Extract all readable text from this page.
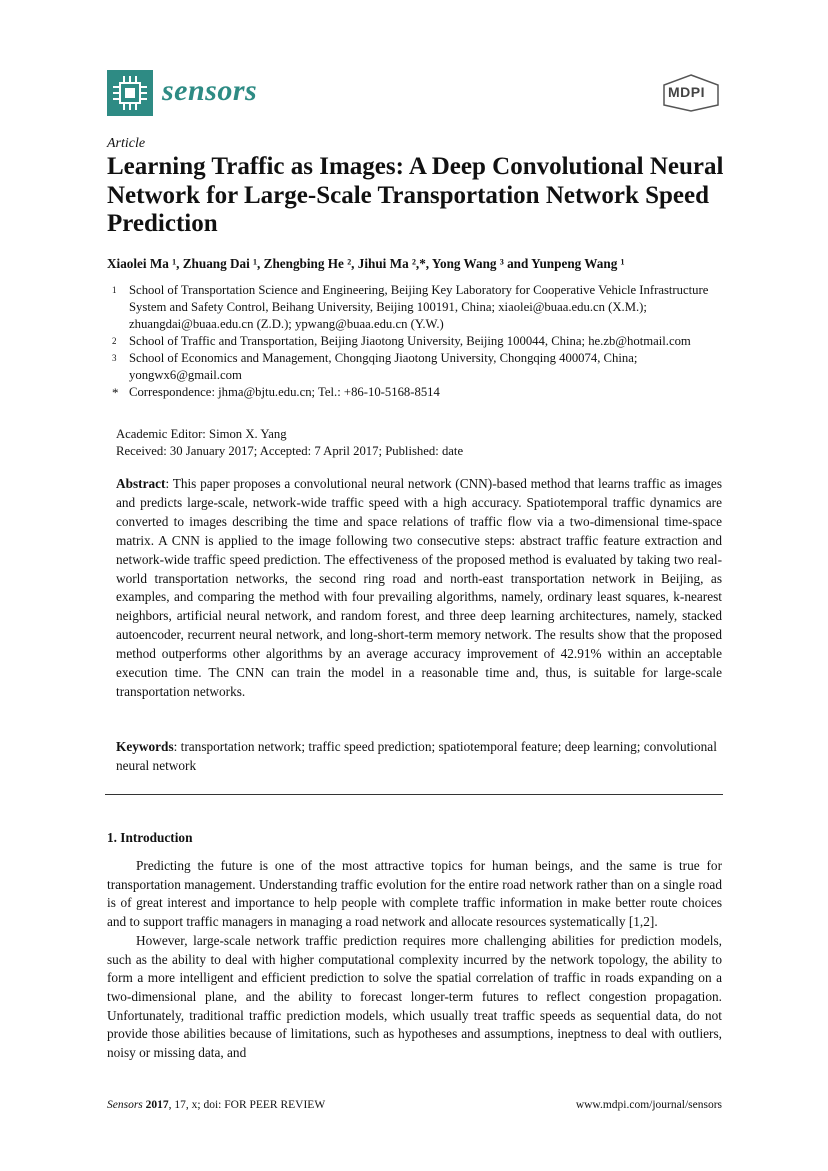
sensors	MDPI
Article
Learning Traffic as Images: A Deep Convolutional Neural Network for Large-Scale Transportation Network Speed Prediction
Xiaolei Ma ¹, Zhuang Dai ¹, Zhengbing He ², Jihui Ma ²,*, Yong Wang ³ and Yunpeng Wang ¹
1 School of Transportation Science and Engineering, Beijing Key Laboratory for Cooperative Vehicle Infrastructure System and Safety Control, Beihang University, Beijing 100191, China; xiaolei@buaa.edu.cn (X.M.); zhuangdai@buaa.edu.cn (Z.D.); ypwang@buaa.edu.cn (Y.W.)
2 School of Traffic and Transportation, Beijing Jiaotong University, Beijing 100044, China; he.zb@hotmail.com
3 School of Economics and Management, Chongqing Jiaotong University, Chongqing 400074, China; yongwx6@gmail.com
* Correspondence: jhma@bjtu.edu.cn; Tel.: +86-10-5168-8514
Academic Editor: Simon X. Yang
Received: 30 January 2017; Accepted: 7 April 2017; Published: date
Abstract: This paper proposes a convolutional neural network (CNN)-based method that learns traffic as images and predicts large-scale, network-wide traffic speed with a high accuracy. Spatiotemporal traffic dynamics are converted to images describing the time and space relations of traffic flow via a two-dimensional time-space matrix. A CNN is applied to the image following two consecutive steps: abstract traffic feature extraction and network-wide traffic speed prediction. The effectiveness of the proposed method is evaluated by taking two real-world transportation networks, the second ring road and north-east transportation network in Beijing, as examples, and comparing the method with four prevailing algorithms, namely, ordinary least squares, k-nearest neighbors, artificial neural network, and random forest, and three deep learning architectures, namely, stacked autoencoder, recurrent neural network, and long-short-term memory network. The results show that the proposed method outperforms other algorithms by an average accuracy improvement of 42.91% within an acceptable execution time. The CNN can train the model in a reasonable time and, thus, is suitable for large-scale transportation networks.
Keywords: transportation network; traffic speed prediction; spatiotemporal feature; deep learning; convolutional neural network
1. Introduction

Predicting the future is one of the most attractive topics for human beings, and the same is true for transportation management. Understanding traffic evolution for the entire road network rather than on a single road is of great interest and importance to help people with complete traffic information in make better route choices and to support traffic managers in managing a road network and allocate resources systematically [1,2].

However, large-scale network traffic prediction requires more challenging abilities for prediction models, such as the ability to deal with higher computational complexity incurred by the network topology, the ability to form a more intelligent and efficient prediction to solve the spatial correlation of traffic in roads expanding on a two-dimensional plane, and the ability to forecast longer-term futures to reflect congestion propagation. Unfortunately, traditional traffic prediction models, which usually treat traffic speeds as sequential data, do not provide those abilities because of limitations, such as hypotheses and assumptions, ineptness to deal with outliers, noisy or missing data, and

Sensors 2017, 17, x; doi: FOR PEER REVIEW	www.mdpi.com/journal/sensors
